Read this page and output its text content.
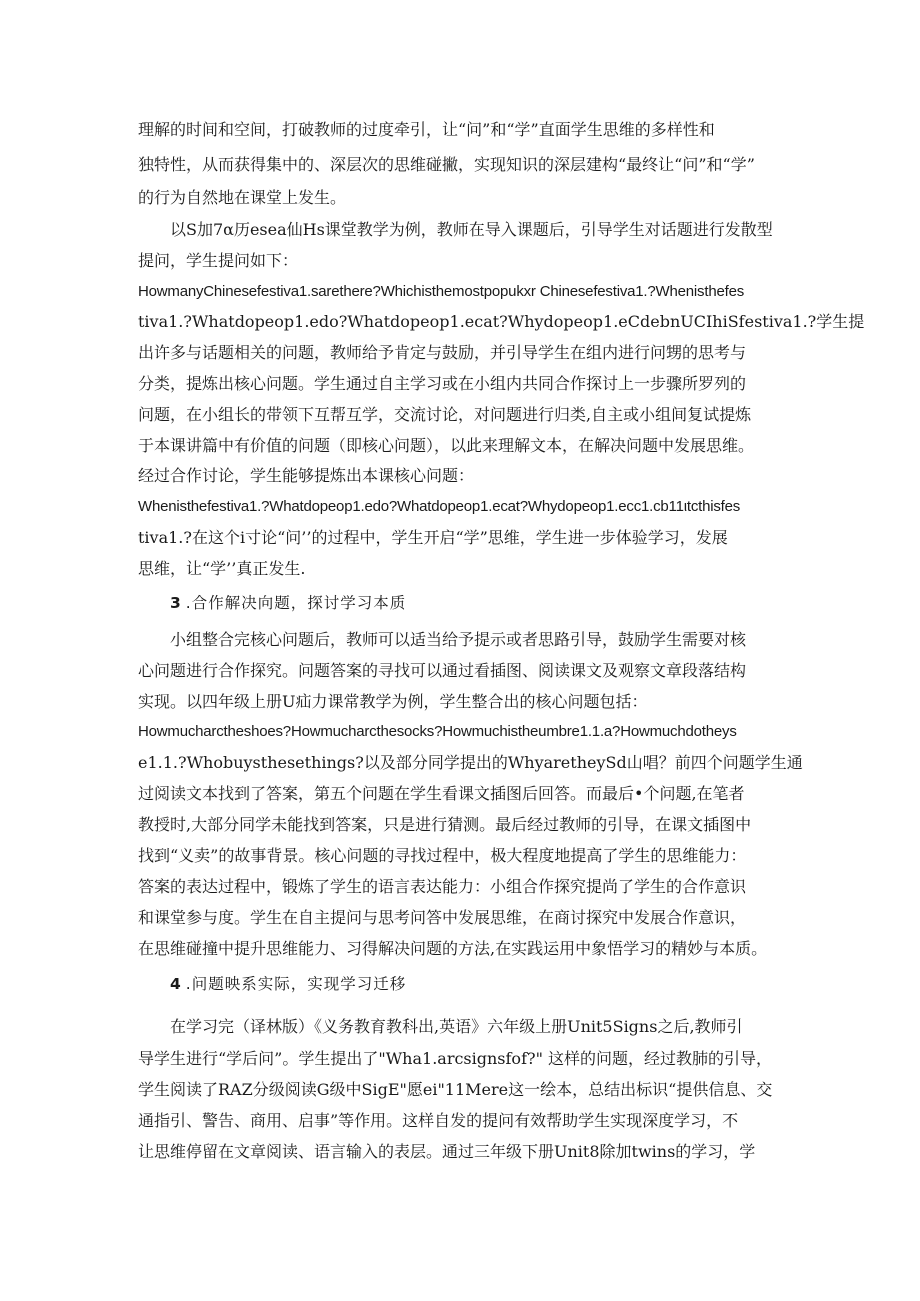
理解的时间和空间，打破教师的过度牵引，让“问”和“学”直面学生思维的多样性和
独特性，从而获得集中的、深层次的思维碰撇，实现知识的深层建构“最终让“问”和“学”
的行为自然地在课堂上发生。
以S加7α历esea仙Hs课堂教学为例，教师在导入课题后，引导学生对话题进行发散型
提问，学生提问如下：
HowmanyChinesefestiva1.sarethere?Whichisthemostpopukxr Chinesefestiva1.?Whenisthefes
tiva1.?Whatdopeop1.edo?Whatdopeop1.ecat?Whydopeop1.eCdebnUCIhiSfestiva1.?学生提
出许多与话题相关的问题，教师给予肯定与鼓励，并引导学生在组内进行问甥的思考与
分类，提炼出核心问题。学生通过自主学习或在小组内共同合作探讨上一步骤所罗列的
问题，在小组长的带领下互帮互学，交流讨论，对问题进行归类,自主或小组间复试提炼
于本课讲篇中有价值的问题（即核心问题），以此来理解文本，在解决问题中发展思维。
经过合作讨论，学生能够提炼出本课核心问题：
Whenisthefestiva1.?Whatdopeop1.edo?Whatdopeop1.ecat?Whydopeop1.ecc1.cb11ιtcthisfes
tiva1.?在这个i寸论“问’’的过程中，学生开启“学”思维，学生进一步体验学习，发展
思维，让“学’’真正发生.
3 .合作解决向题，探讨学习本质
小组整合完核心问题后，教师可以适当给予提示或者思路引导，鼓励学生需要对核
心问题进行合作探究。问题答案的寻找可以通过看插图、阅读课文及观察文章段落结构
实现。以四年级上册U疝力课常教学为例，学生整合出的核心问题包括：
Howmucharctheshoes?Howmucharcthesocks?Howmuchistheumbre1.1.a?Howmuchdotheys
e1.1.?Whobuysthesethings?以及部分同学提出的WhyaretheySd山唱？前四个问题学生通
过阅读文本找到了答案，第五个问题在学生看课文插图后回答。而最后•个问题,在笔者
教授时,大部分同学未能找到答案，只是进行猜测。最后经过教师的引导，在课文插图中
找到“义卖”的故事背景。核心问题的寻找过程中，极大程度地提高了学生的思维能力：
答案的表达过程中，锻炼了学生的语言表达能力：小组合作探究提尚了学生的合作意识
和课堂参与度。学生在自主提问与思考问答中发展思维，在商讨探究中发展合作意识，
在思维碰撞中提升思维能力、习得解决问题的方法,在实践运用中象悟学习的精妙与本质。
4 .问题映系实际，实现学习迁移
在学习完（译林版）《义务教育教科出,英语》六年级上册Unit5Signs之后,教师引
导学生进行“学后问”。学生提出了"Wha1.arcsignsfof?" 这样的问题，经过教肺的引导，
学生阅读了RAZ分级阅读G级中SigE"愿ei"11Mere这一绘本，总结出标识“提供信息、交
通指引、警告、商用、启事”等作用。这样自发的提问有效帮助学生实现深度学习，不
让思维停留在文章阅读、语言输入的表层。通过三年级下册Unit8除加twins的学习，学
